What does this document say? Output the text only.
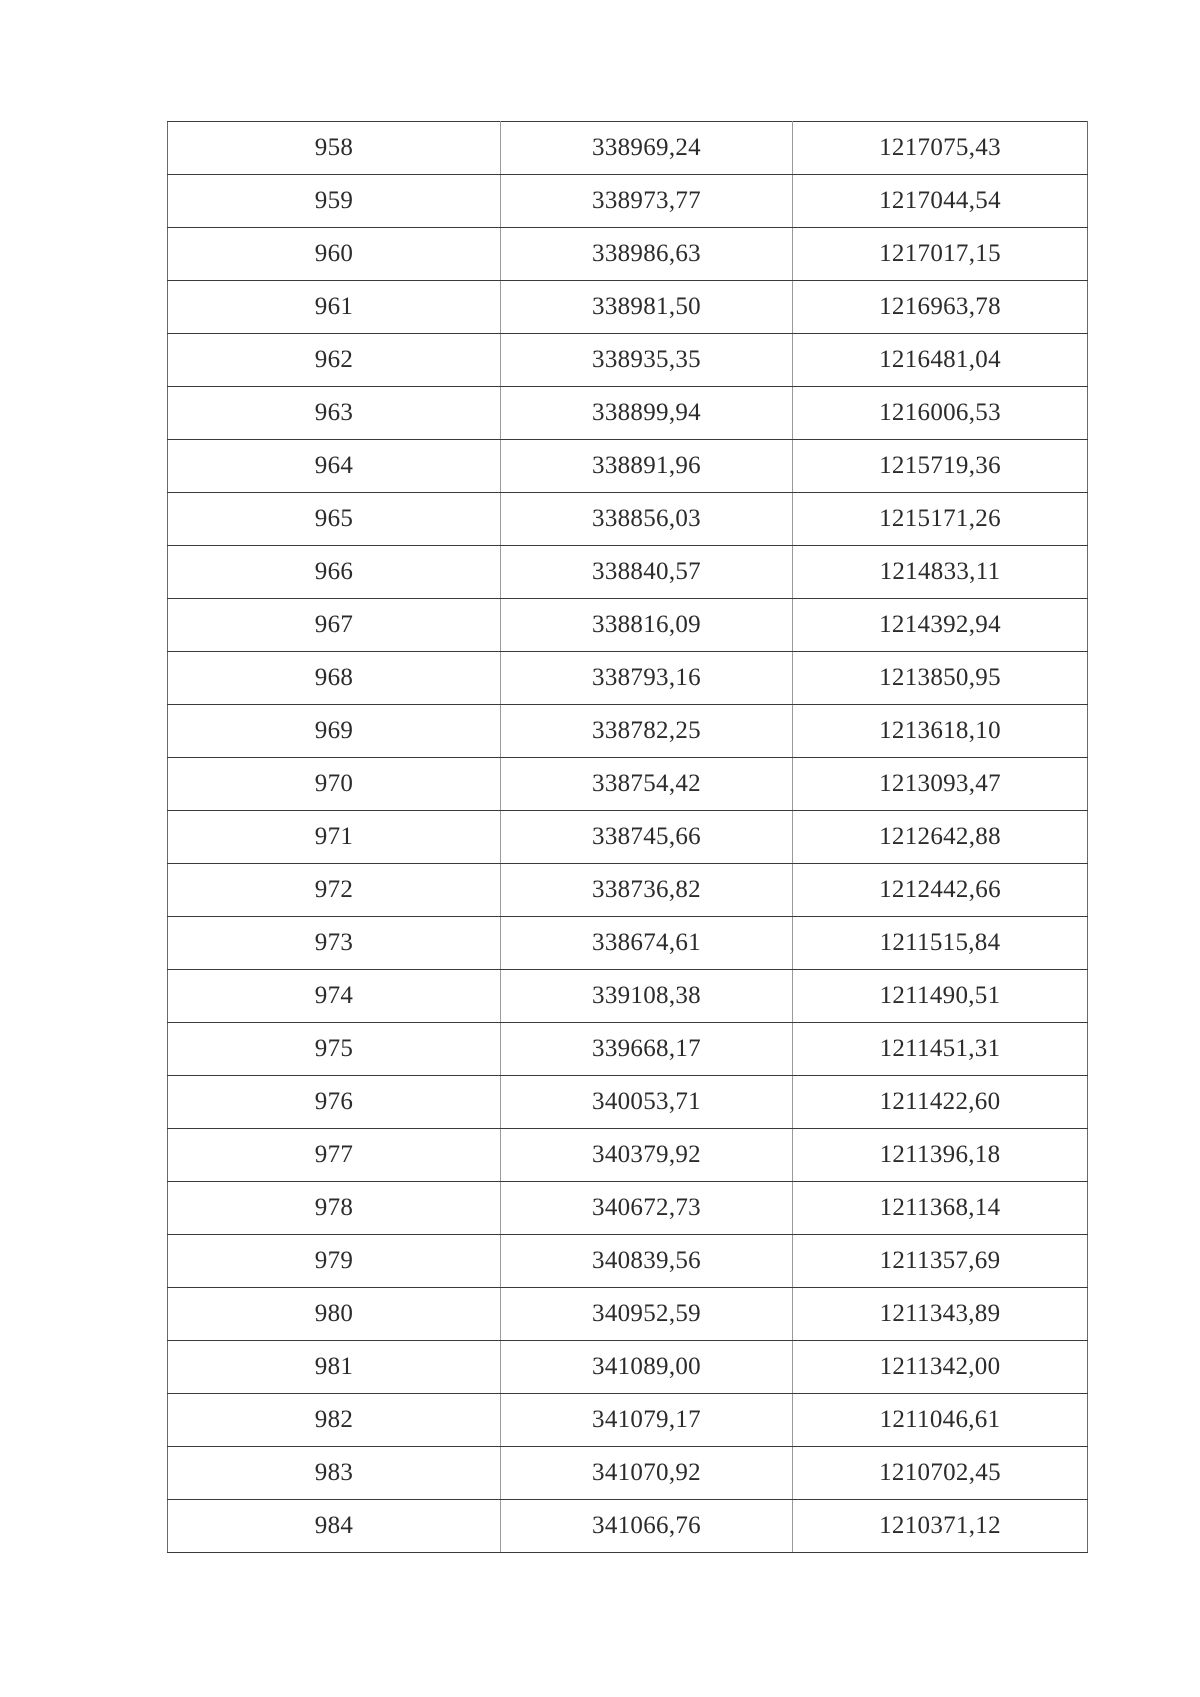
958	338969,24	1217075,43
959	338973,77	1217044,54
960	338986,63	1217017,15
961	338981,50	1216963,78
962	338935,35	1216481,04
963	338899,94	1216006,53
964	338891,96	1215719,36
965	338856,03	1215171,26
966	338840,57	1214833,11
967	338816,09	1214392,94
968	338793,16	1213850,95
969	338782,25	1213618,10
970	338754,42	1213093,47
971	338745,66	1212642,88
972	338736,82	1212442,66
973	338674,61	1211515,84
974	339108,38	1211490,51
975	339668,17	1211451,31
976	340053,71	1211422,60
977	340379,92	1211396,18
978	340672,73	1211368,14
979	340839,56	1211357,69
980	340952,59	1211343,89
981	341089,00	1211342,00
982	341079,17	1211046,61
983	341070,92	1210702,45
984	341066,76	1210371,12
